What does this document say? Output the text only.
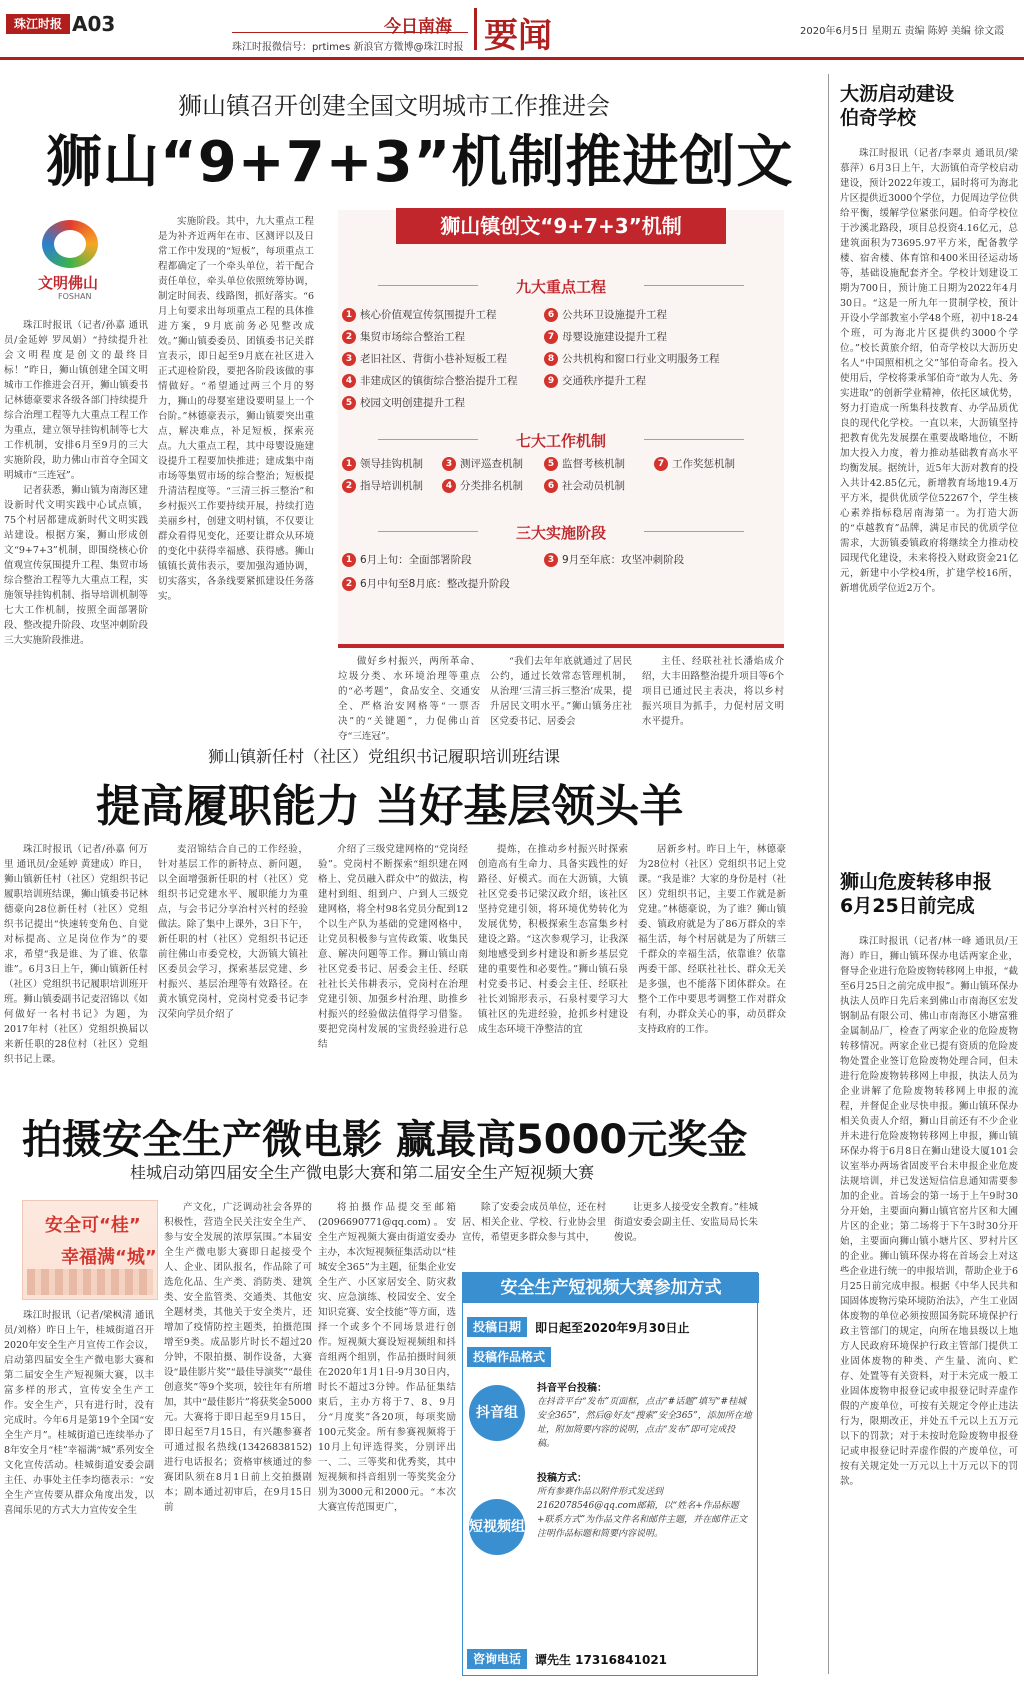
珠江时报 A03
珠江时报微信号：prtimes 新浪官方微博@珠江时报
今日南海 要闻	2020年6月5日 星期五 责编 陈婷 美编 徐文霞
狮山镇召开创建全国文明城市工作推进会
狮山“9+7+3”机制推进创文
文明佛山
FOSHAN

珠江时报讯（记者/孙嘉 通讯员/金延婷 罗凤娟）“持续提升社会文明程度是创文的最终目标！”昨日，狮山镇创建全国文明城市工作推进会召开，狮山镇委书记林德豪要求各级各部门持续提升综合治理工程等九大重点工程工作为重点，建立领导挂钩机制等七大工作机制，安排6月至9月的三大实施阶段，助力佛山市首夺全国文明城市“三连冠”。

记者获悉，狮山镇为南海区建设新时代文明实践中心试点镇，75个村居都建成新时代文明实践站建设。根据方案，狮山形成创文“9+7+3”机制，即围绕核心价值观宣传氛围提升工程、集贸市场综合整治工程等九大重点工程，实施领导挂钩机制、指导培训机制等七大工作机制，按照全面部署阶段、整改提升阶段、攻坚冲刺阶段三大实施阶段推进。

实施阶段。其中，九大重点工程是为补齐近两年在市、区测评以及日常工作中发现的“短板”，每项重点工程都确定了一个牵头单位，若干配合责任单位，牵头单位依照统筹协调，制定时间表、线路图，抓好落实。“6月上旬要求出每项重点工程的具体推进方案，9月底前务必见整改成效。”狮山镇委委员、团镇委书记关群宣表示，即日起至9月底在社区进入正式迎检阶段，要把各阶段该做的事情做好。“希望通过两三个月的努力，狮山的母婴室建设要明显上一个台阶。”林德豪表示，狮山镇要突出重点，解决难点，补足短板，探索亮点。九大重点工程，其中母婴设施建设提升工程要加快推进；建成集中南市场等集贸市场的综合整治；短板提升清洁程度等。“三清三拆三整治”和乡村振兴工作要持续开展，持续打造美丽乡村，创建文明村镇，不仅要让群众看得见变化，还要让群众从环境的变化中获得幸福感、获得感。狮山镇镇长黄伟表示，要加强沟通协调，切实落实，各条线要紧抓建设任务落实。

狮山镇创文“9+7+3”机制
九大重点工程
1 核心价值观宣传氛围提升工程	6 公共环卫设施提升工程
2 集贸市场综合整治工程	7 母婴设施建设提升工程
3 老旧社区、背街小巷补短板工程	8 公共机构和窗口行业文明服务工程
4 非建成区的镇街综合整治提升工程	9 交通秩序提升工程
5 校园文明创建提升工程
七大工作机制
1 领导挂钩机制	3 测评巡查机制	5 监督考核机制	7 工作奖惩机制
2 指导培训机制	4 分类排名机制	6 社会动员机制
三大实施阶段
1 6月上旬：全面部署阶段	3 9月至年底：攻坚冲刺阶段
2 6月中旬至8月底：整改提升阶段

做好乡村振兴，两所革命、垃圾分类、水环境治理等重点的“必考题”，食品安全、交通安全、严格治安网格等“一票否决”的“关键题”，力促佛山首夺“三连冠”。

“我们去年年底就通过了居民公约，通过长效常态管理机制，从治理‘三清三拆三整治’成果，提升居民文明水平。”狮山镇务庄社区党委书记、居委会

主任、经联社社长潘焰成介绍，大丰田路整治提升项目等6个项目已通过民主表决，将以乡村振兴项目为抓手，力促村居文明水平提升。

大沥启动建设
伯奇学校

珠江时报讯（记者/李翠贞 通讯员/梁慕萍）6月3日上午，大沥镇伯奇学校启动建设，预计2022年竣工，届时将可为海北片区提供近3000个学位，力促周边学位供给平衡，缓解学位紧张问题。伯奇学校位于沙溪北路段，项目总投资4.16亿元，总建筑面积为73695.97平方米，配备教学楼、宿舍楼、体育馆和400米田径运动场等，基础设施配套齐全。学校计划建设工期为700日，预计施工日期为2022年4月30日。“这是一所九年一贯制学校，预计开设小学部教室小学48个班，初中18-24个班，可为海北片区提供约3000个学位。”校长黄旅介绍，伯奇学校以大沥历史名人“中国照相机之父”邹伯奇命名。投入使用后，学校将秉承邹伯奇“敢为人先、务实进取”的创新学业精神，依托区域优势，努力打造成一所集科技教育、办学品质优良的现代化学校。一直以来，大沥镇坚持把教育优先发展摆在重要战略地位，不断加大投入力度，着力推动基础教育高水平均衡发展。据统计，近5年大沥对教育的投入共计42.85亿元，新增教育场地19.4万平方米，提供优质学位52267个，学生核心素养指标稳居南海第一。为打造大沥的“卓越教育”品牌，满足市民的优质学位需求，大沥镇委镇政府将继续全力推动校园现代化建设，未来将投入财政资金21亿元，新建中小学校4所，扩建学校16所，新增优质学位近2万个。

狮山镇新任村（社区）党组织书记履职培训班结课
提高履职能力 当好基层领头羊

珠江时报讯（记者/孙嘉 何万里 通讯员/金延婷 黄建成）昨日，狮山镇新任村（社区）党组织书记履职培训班结课，狮山镇委书记林德豪向28位新任村（社区）党组织书记提出“快速转变角色、自觉对标提高、立足岗位作为”的要求，希望“我是谁、为了谁、依靠谁”。6月3日上午，狮山镇新任村（社区）党组织书记履职培训班开班。狮山镇委副书记麦沼锦以《如何做好一名村书记》为题，为2017年村（社区）党组织换届以来新任职的28位村（社区）党组织书记上课。

麦沼锦结合自己的工作经验，针对基层工作的新特点、新问题，以全面增强新任职的村（社区）党组织书记党建水平、履职能力为重点，与会书记分享治村兴村的经验做法。除了集中上课外，3日下午，新任职的村（社区）党组织书记还前往佛山市委党校，大沥镇大镇社区委员会学习，探索基层党建、乡村振兴、基层治理等有效路径。在黄水镇党岗村，党岗村党委书记李汉荣向学员介绍了

介绍了三级党建网格的“党岗经验”。党岗村不断探索“组织建在网格上、党员融入群众中”的做法，构建村到组、组到户、户到人三级党建网格，将全村98名党员分配到12个以生产队为基础的党建网格中，让党员积极参与宣传政策、收集民意、解决问题等工作。狮山镇山南社区党委书记、居委会主任、经联社社长关伟耕表示，党岗村在治理党建引领、加强乡村治理、助推乡村振兴的经验做法值得学习借鉴。要把党岗村发展的宝贵经验进行总结

提炼，在推动乡村振兴时探索创造高有生命力、具备实践性的好路径、好模式。而在大沥镇，大镇社区党委书记梁汉政介绍，该社区坚持党建引领，将环境优势转化为发展优势，积极探索生态富集乡村建设之路。“这次参观学习，让我深刻地感受到乡村建设和新乡基层党建的重要性和必要性。”狮山镇石泉村党委书记、村委会主任、经联社社长刘锦形表示，石泉村要学习大镇社区的先进经验，抢抓乡村建设成生态环境干净整洁的宜

居新乡村。昨日上午，林德豪为28位村（社区）党组织书记上党课。“我是谁？大家的身份是村（社区）党组织书记，主要工作就是新党建。”林德豪说，为了谁？狮山镇委、镇政府就是为了86万群众的幸福生活，每个村居就是为了所辖三千群众的幸福生活，依靠谁？依靠两委干部、经联社社长、群众无关是多强，也不能落下团体群众。在整个工作中要思考调整工作对群众有利，办群众关心的事，动员群众支持政府的工作。

狮山危废转移申报
6月25日前完成

珠江时报讯（记者/林一峰 通讯员/王海）昨日，狮山镇环保办电话两家企业，督导企业进行危险废物转移网上申报，“截至6月25日之前完成申报”。狮山镇环保办执法人员昨日先后来到佛山市南海区宏发钢制品有限公司、佛山市南海区小塘富雅金属制品厂，检查了两家企业的危险废物转移情况。两家企业已提有资质的危险废物处置企业签订危险废物处理合同，但未进行危险废物转移网上申报，执法人员为企业讲解了危险废物转移网上申报的流程，并督促企业尽快申报。狮山镇环保办相关负责人介绍，狮山目前还有不少企业并未进行危险废物转移网上申报，狮山镇环保办将于6月8日在狮山建设大厦101会议室举办两场省固废平台未申报企业危废法规培训，并已发送短信信息通知需要参加的企业。首场会的第一场于上午9时30分开始，主要面向狮山镇官窑片区和大圃片区的企业；第二场将于下午3时30分开始，主要面向狮山镇小塘片区、罗村片区的企业。狮山镇环保办将在首场会上对这些企业进行统一的申报培训，帮助企业于6月25日前完成申报。根据《中华人民共和国固体废物污染环境防治法》，产生工业固体废物的单位必须按照国务院环境保护行政主管部门的规定，向所在地县级以上地方人民政府环境保护行政主管部门提供工业固体废物的种类、产生量、流向、贮存、处置等有关资料，对于未完成一般工业固体废物申报登记或申报登记时弄虚作假的产废单位，可按有关规定令停止违法行为，限期改正，并处五千元以上五万元以下的罚款；对于未按时危险废物申报登记或申报登记时弄虚作假的产废单位，可按有关规定处一万元以上十万元以下的罚款。

拍摄安全生产微电影 赢最高5000元奖金
桂城启动第四届安全生产微电影大赛和第二届安全生产短视频大赛
安全可“桂”
幸福满“城”

珠江时报讯（记者/梁枫清 通讯员/刘格）昨日上午，桂城街道召开2020年安全生产月宣传工作会议，启动第四届安全生产微电影大赛和第二届安全生产短视频大赛，以丰富多样的形式，宣传安全生产工作。安全生产，只有进行时，没有完成时。今年6月是第19个全国“安全生产月”。桂城街道已连续举办了8年安全月“桂”幸福满“城”系列安全文化宣传活动。桂城街道安委会副主任、办事处主任李均德表示：“安全生产宣传要从群众角度出发，以喜闻乐见的方式大力宣传安全生

产文化，广泛调动社会各界的积极性，营造全民关注安全生产、参与安全发展的浓厚氛围。”本届安全生产微电影大赛即日起接受个人、企业、团队报名，作品除了可选危化品、生产类、消防类、建筑类、安全监管类、交通类、其他安全题材类，其他关于安全类片，还增加了疫情防控主题类，拍摄范围增至9类。成品影片时长不超过20分钟，不限拍摄、制作设备，大赛设“最佳影片奖”“最佳导演奖”“最佳创意奖”等9个奖项，较往年有所增加，其中“最佳影片”将获奖金5000元。大赛将于即日起至9月15日，即日起至7月15日，有兴趣参赛者可通过报名热线(13426838152)进行电话报名；资格审核通过的参赛团队须在8月1日前上交拍摄剧本；剧本通过初审后，在9月15日前

将拍摄作品提交至邮箱(2096690771@qq.com)。安全生产短视频大赛由街道安委办主办，本次短视频征集活动以“桂城安全365”为主题，征集企业安全生产、小区家居安全、防灾救灾、应急演练、校园安全、安全知识竞赛、安全技能”等方面，选择一个或多个不同场景进行创作。短视频大赛设短视频组和抖音组两个组别，作品拍摄时间须在2020年1月1日-9月30日内，时长不超过3分钟。作品征集结束后，主办方将于7、8、9月分“月度奖”各20项，每项奖励100元奖金。所有参赛视频将于10月上旬评选得奖，分别评出一、二、三等奖和优秀奖，其中短视频和抖音组别一等奖奖金分别为3000元和2000元。“本次大赛宣传范围更广，

除了安委会成员单位，还在村居、相关企业、学校、行业协会里宣传，希望更多群众参与其中，

让更多人接受安全教育。”桂城街道安委会副主任、安监局局长朱俊说。

安全生产短视频大赛参加方式
投稿日期	即日起至2020年9月30日止
投稿作品格式
抖音组
抖音平台投稿：
在抖音平台“发布”页面框，点击“#话题”填写“#桂城安全365”，然后@好友“搜索”安全365”，添加所在地址，附加简要内容的说明，点击“发布”即可完成投稿。
短视频组
投稿方式：
所有参赛作品以附件形式发送到2162078546@qq.com邮箱，以“姓名+作品标题+联系方式”为作品文件名和邮件主题，并在邮件正文注明作品标题和简要内容说明。
咨询电话	谭先生 17316841021
